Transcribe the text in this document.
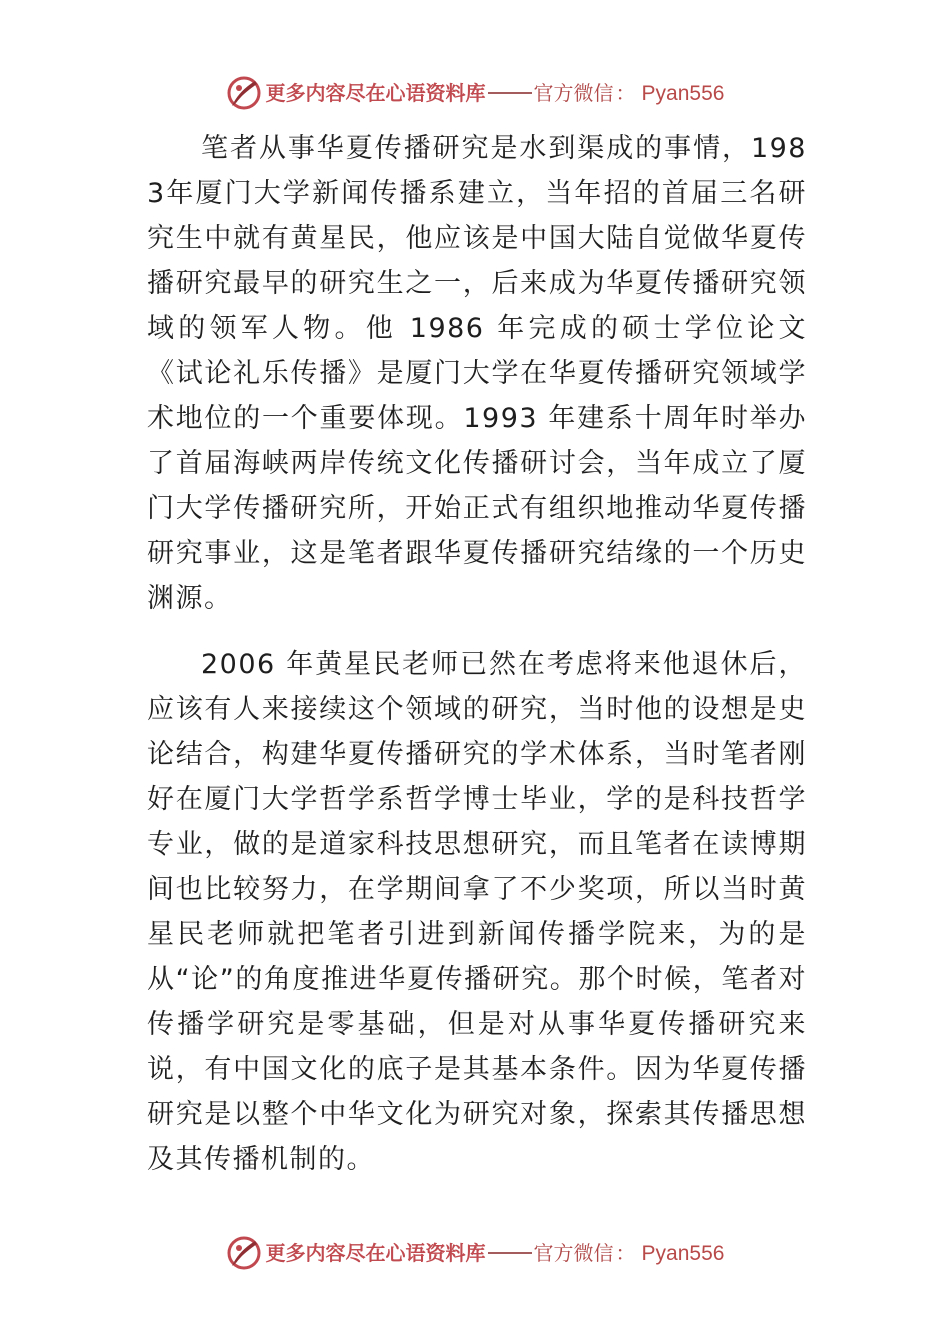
更多内容尽在心语资料库 官方微信 ： Pyan556

笔者从事华夏传播研究是水到渠成的事情，1983年厦门大学新闻传播系建立，当年招的首届三名研究生中就有黄星民，他应该是中国大陆自觉做华夏传播研究最早的研究生之一，后来成为华夏传播研究领域的领军人物。他 1986 年完成的硕士学位论文《试论礼乐传播》是厦门大学在华夏传播研究领域学术地位的一个重要体现。1993 年建系十周年时举办了首届海峡两岸传统文化传播研讨会，当年成立了厦门大学传播研究所，开始正式有组织地推动华夏传播研究事业，这是笔者跟华夏传播研究结缘的一个历史渊源。

2006 年黄星民老师已然在考虑将来他退休后，应该有人来接续这个领域的研究，当时他的设想是史论结合，构建华夏传播研究的学术体系，当时笔者刚好在厦门大学哲学系哲学博士毕业，学的是科技哲学专业，做的是道家科技思想研究，而且笔者在读博期间也比较努力，在学期间拿了不少奖项，所以当时黄星民老师就把笔者引进到新闻传播学院来，为的是从“论”的角度推进华夏传播研究。那个时候，笔者对传播学研究是零基础，但是对从事华夏传播研究来说，有中国文化的底子是其基本条件。因为华夏传播研究是以整个中华文化为研究对象，探索其传播思想及其传播机制的。

更多内容尽在心语资料库 官方微信 ： Pyan556
